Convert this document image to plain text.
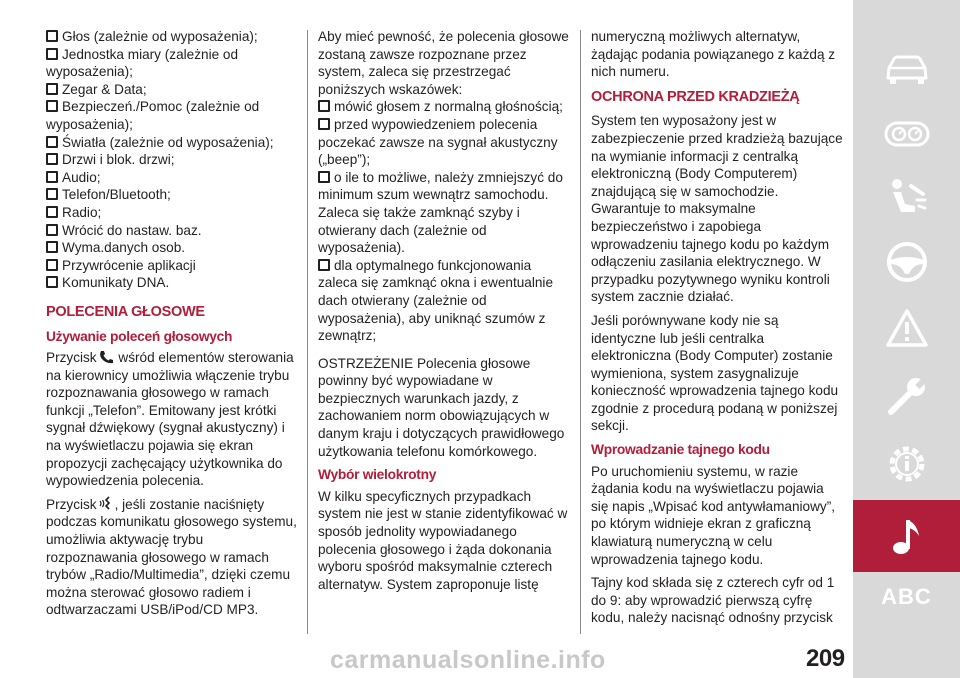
Głos (zależnie od wyposażenia);

Jednostka miary (zależnie od wyposażenia);

Zegar & Data;

Bezpieczeń./Pomoc (zależnie od wyposażenia);

Światła (zależnie od wyposażenia);

Drzwi i blok. drzwi;

Audio;

Telefon/Bluetooth;

Radio;

Wrócić do nastaw. baz.

Wyma.danych osob.

Przywrócenie aplikacji

Komunikaty DNA.

POLECENIA GŁOSOWE
Używanie poleceń głosowych

Przycisk wśród elementów sterowania na kierownicy umożliwia włączenie trybu rozpoznawania głosowego w ramach funkcji „Telefon”. Emitowany jest krótki sygnał dźwiękowy (sygnał akustyczny) i na wyświetlaczu pojawia się ekran propozycji zachęcający użytkownika do wypowiedzenia polecenia.

Przycisk , jeśli zostanie naciśnięty podczas komunikatu głosowego systemu, umożliwia aktywację trybu rozpoznawania głosowego w ramach trybów „Radio/Multimedia”, dzięki czemu można sterować głosowo radiem i odtwarzaczami USB/iPod/CD MP3.

Aby mieć pewność, że polecenia głosowe zostaną zawsze rozpoznane przez system, zaleca się przestrzegać poniższych wskazówek:

mówić głosem z normalną głośnością;

przed wypowiedzeniem polecenia poczekać zawsze na sygnał akustyczny („beep”);

o ile to możliwe, należy zmniejszyć do minimum szum wewnątrz samochodu. Zaleca się także zamknąć szyby i otwierany dach (zależnie od wyposażenia).

dla optymalnego funkcjonowania zaleca się zamknąć okna i ewentualnie dach otwierany (zależnie od wyposażenia), aby uniknąć szumów z zewnątrz;

OSTRZEŻENIE Polecenia głosowe powinny być wypowiadane w bezpiecznych warunkach jazdy, z zachowaniem norm obowiązujących w danym kraju i dotyczących prawidłowego użytkowania telefonu komórkowego.

Wybór wielokrotny

W kilku specyficznych przypadkach system nie jest w stanie zidentyfikować w sposób jednolity wypowiadanego polecenia głosowego i żąda dokonania wyboru spośród maksymalnie czterech alternatyw. System zaproponuje listę

numeryczną możliwych alternatyw, żądając podania powiązanego z każdą z nich numeru.

OCHRONA PRZED KRADZIEŻĄ

System ten wyposażony jest w zabezpieczenie przed kradzieżą bazujące na wymianie informacji z centralką elektroniczną (Body Computerem) znajdującą się w samochodzie. Gwarantuje to maksymalne bezpieczeństwo i zapobiega wprowadzeniu tajnego kodu po każdym odłączeniu zasilania elektrycznego. W przypadku pozytywnego wyniku kontroli system zacznie działać.

Jeśli porównywane kody nie są identyczne lub jeśli centralka elektroniczna (Body Computer) zostanie wymieniona, system zasygnalizuje konieczność wprowadzenia tajnego kodu zgodnie z procedurą podaną w poniższej sekcji.

Wprowadzanie tajnego kodu

Po uruchomieniu systemu, w razie żądania kodu na wyświetlaczu pojawia się napis „Wpisać kod antywłamaniowy”, po którym widnieje ekran z graficzną klawiaturą numeryczną w celu wprowadzenia tajnego kodu.

Tajny kod składa się z czterech cyfr od 1 do 9: aby wprowadzić pierwszą cyfrę kodu, należy nacisnąć odnośny przycisk

ABC
209
carmanualsonline.info
